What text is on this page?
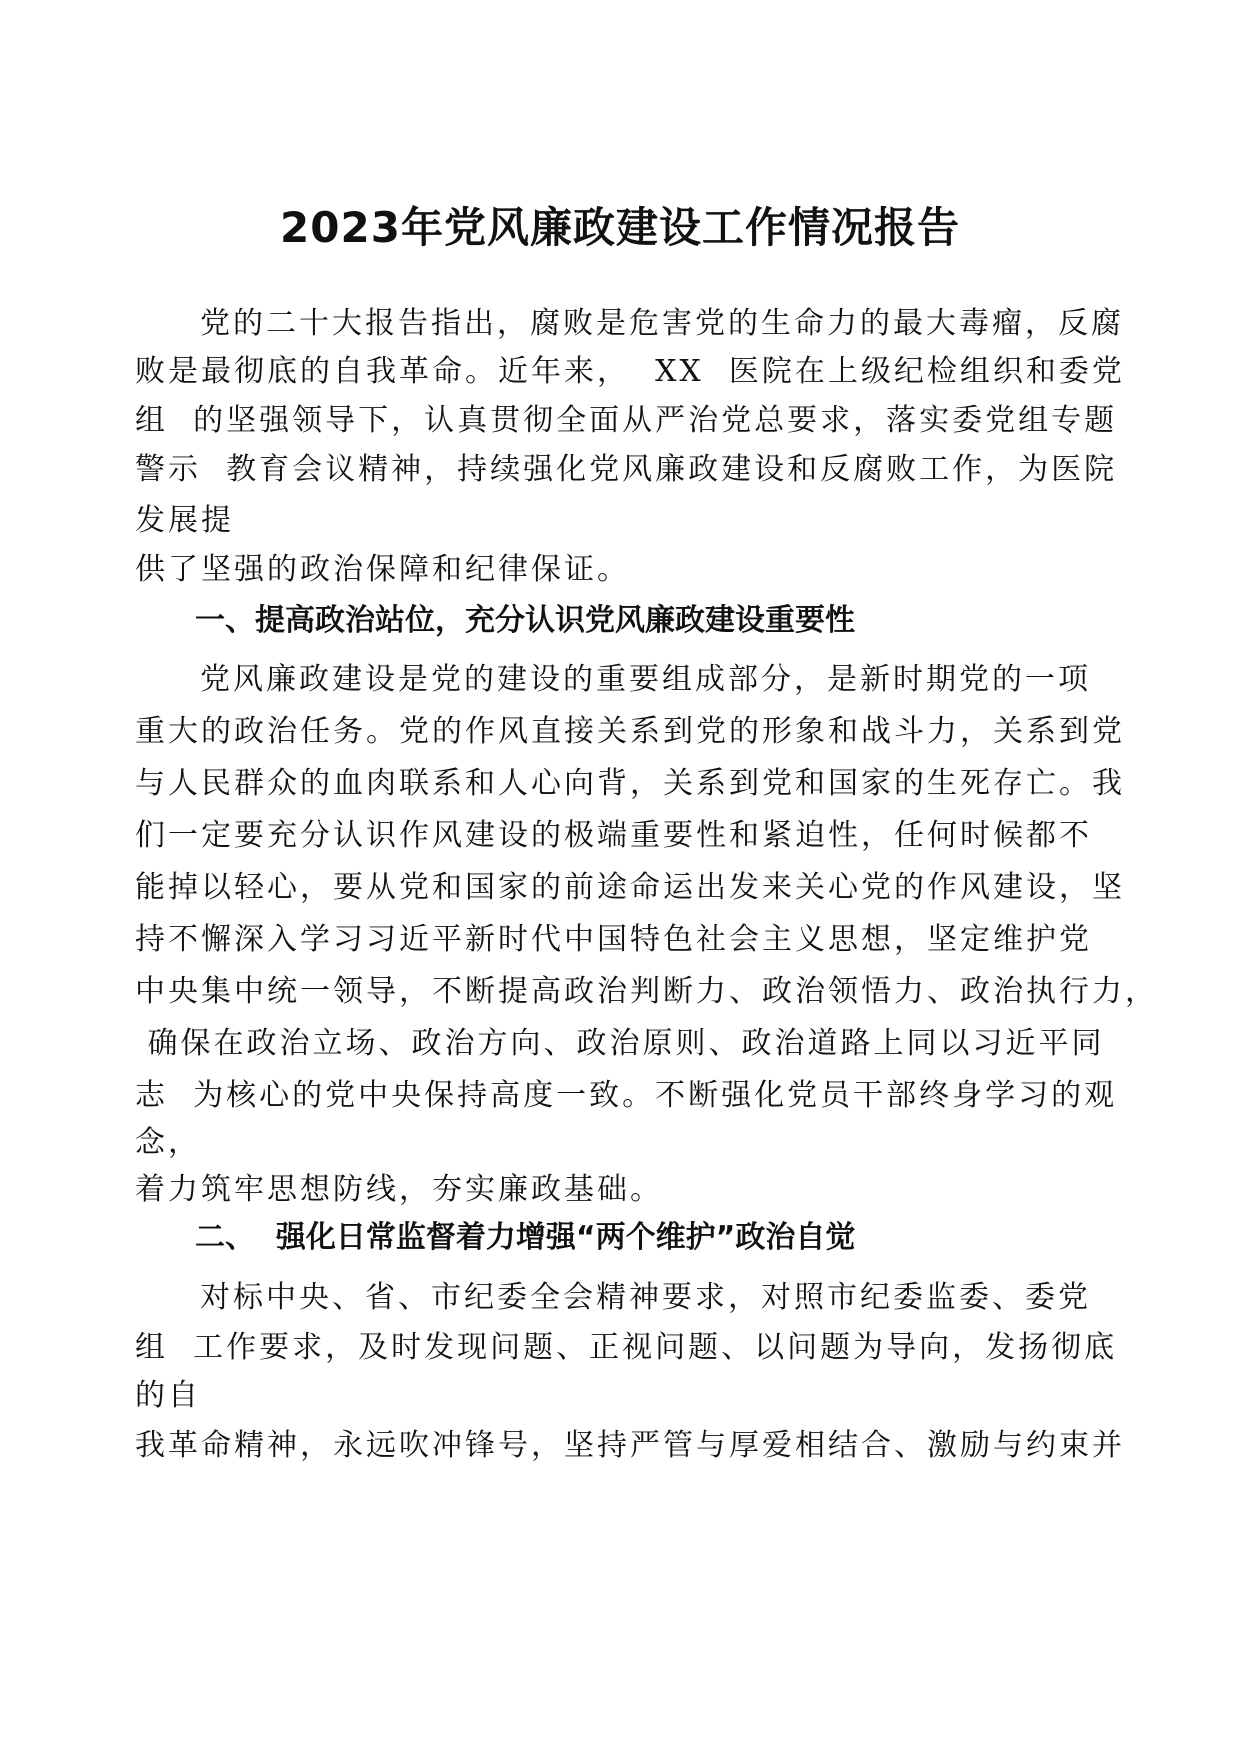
2023年党风廉政建设工作情况报告
党的二十大报告指出，腐败是危害党的生命力的最大毒瘤，反腐
败是最彻底的自我革命。近年来，  XX  医院在上级纪检组织和委党
组  的坚强领导下，认真贯彻全面从严治党总要求，落实委党组专题
警示  教育会议精神，持续强化党风廉政建设和反腐败工作，为医院
发展提
供了坚强的政治保障和纪律保证。
一、提高政治站位，充分认识党风廉政建设重要性
党风廉政建设是党的建设的重要组成部分，是新时期党的一项
重大的政治任务。党的作风直接关系到党的形象和战斗力，关系到党
与人民群众的血肉联系和人心向背，关系到党和国家的生死存亡。我
们一定要充分认识作风建设的极端重要性和紧迫性，任何时候都不
能掉以轻心，要从党和国家的前途命运出发来关心党的作风建设，坚
持不懈深入学习习近平新时代中国特色社会主义思想，坚定维护党
中央集中统一领导，不断提高政治判断力、政治领悟力、政治执行力，
确保在政治立场、政治方向、政治原则、政治道路上同以习近平同
志  为核心的党中央保持高度一致。不断强化党员干部终身学习的观
念，
着力筑牢思想防线，夯实廉政基础。
二、  强化日常监督着力增强“两个维护”政治自觉
对标中央、省、市纪委全会精神要求，对照市纪委监委、委党
组  工作要求，及时发现问题、正视问题、以问题为导向，发扬彻底
的自
我革命精神，永远吹冲锋号，坚持严管与厚爱相结合、激励与约束并
